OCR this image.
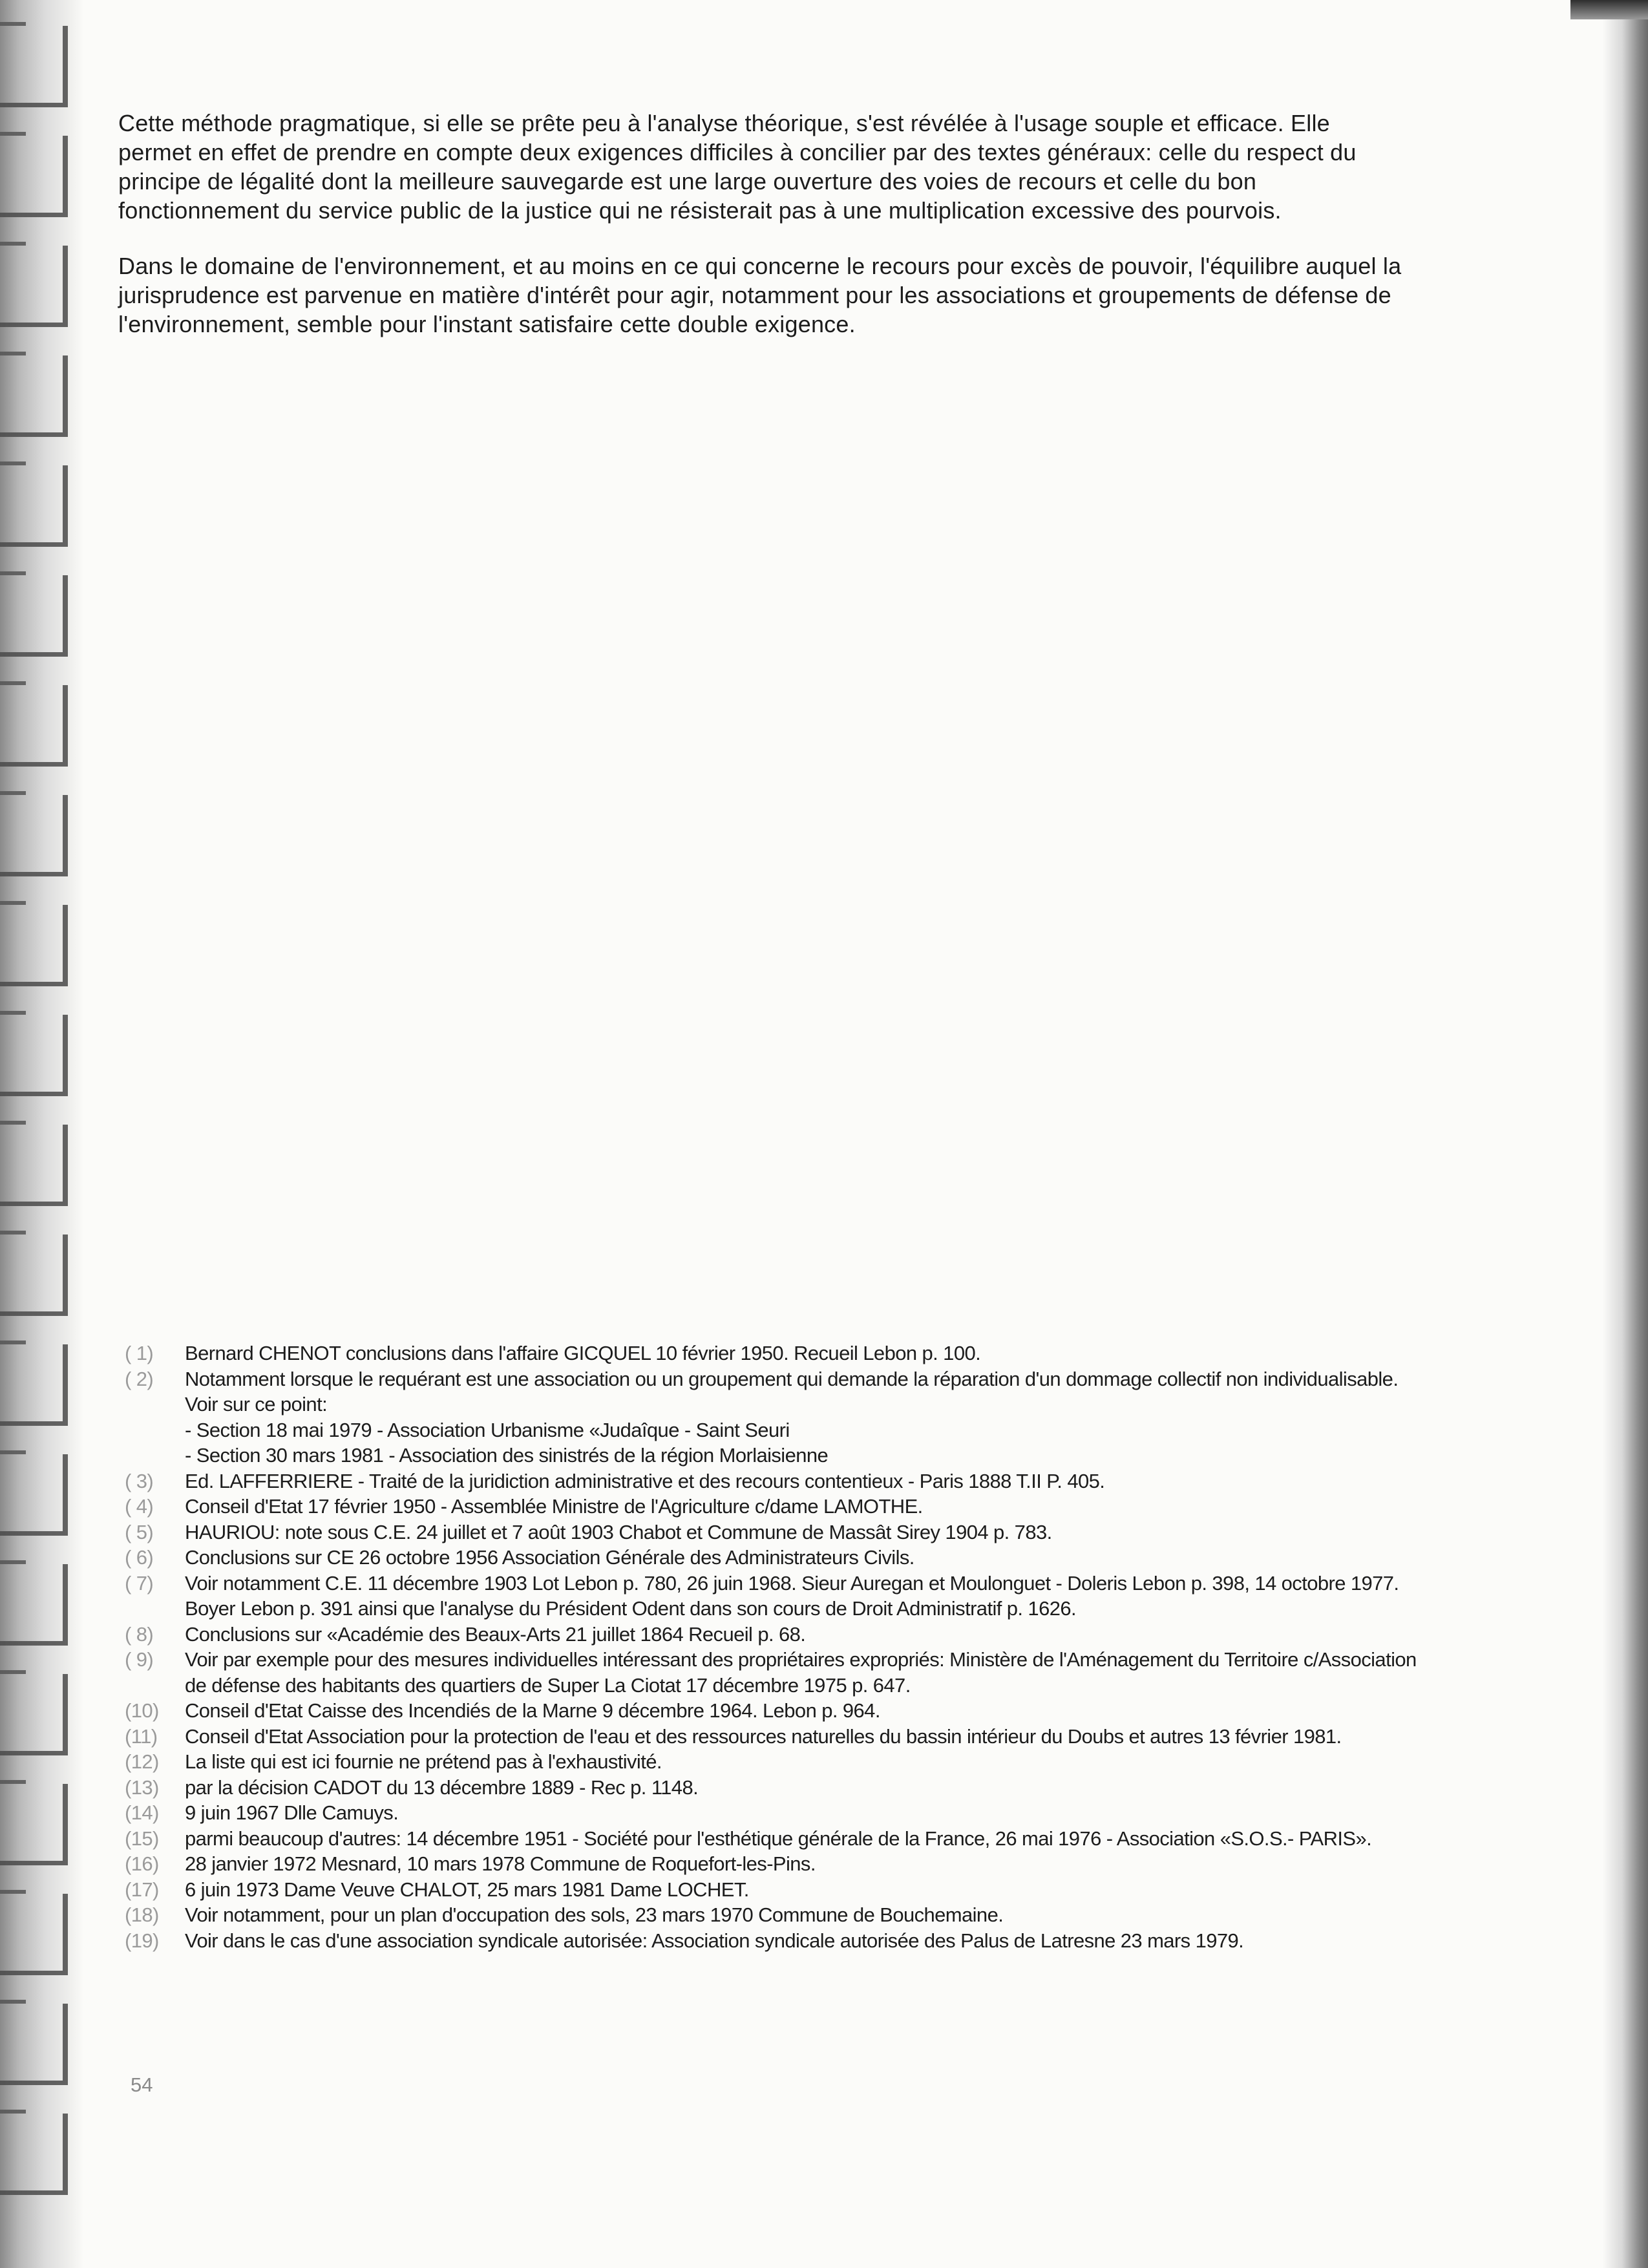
Cette méthode pragmatique, si elle se prête peu à l'analyse théorique, s'est révélée à l'usage souple et efficace. Elle permet en effet de prendre en compte deux exigences difficiles à concilier par des textes généraux: celle du respect du principe de légalité dont la meilleure sauvegarde est une large ouverture des voies de recours et celle du bon fonctionnement du service public de la justice qui ne résisterait pas à une multiplication excessive des pourvois.

Dans le domaine de l'environnement, et au moins en ce qui concerne le recours pour excès de pouvoir, l'équilibre auquel la jurisprudence est parvenue en matière d'intérêt pour agir, notamment pour les associations et groupements de défense de l'environnement, semble pour l'instant satisfaire cette double exigence.

( 1)	Bernard CHENOT conclusions dans l'affaire GICQUEL 10 février 1950. Recueil Lebon p. 100.
( 2)	Notamment lorsque le requérant est une association ou un groupement qui demande la réparation d'un dommage collectif non individualisable. Voir sur ce point:
- Section 18 mai 1979 - Association Urbanisme «Judaîque - Saint Seuri
- Section 30 mars 1981 - Association des sinistrés de la région Morlaisienne
( 3)	Ed. LAFFERRIERE - Traité de la juridiction administrative et des recours contentieux - Paris 1888 T.II P. 405.
( 4)	Conseil d'Etat 17 février 1950 - Assemblée Ministre de l'Agriculture c/dame LAMOTHE.
( 5)	HAURIOU: note sous C.E. 24 juillet et 7 août 1903 Chabot et Commune de Massât Sirey 1904 p. 783.
( 6)	Conclusions sur CE 26 octobre 1956 Association Générale des Administrateurs Civils.
( 7)	Voir notamment C.E. 11 décembre 1903 Lot Lebon p. 780, 26 juin 1968. Sieur Auregan et Moulonguet - Doleris Lebon p. 398, 14 octobre 1977. Boyer Lebon p. 391 ainsi que l'analyse du Président Odent dans son cours de Droit Administratif p. 1626.
( 8)	Conclusions sur «Académie des Beaux-Arts 21 juillet 1864 Recueil p. 68.
( 9)	Voir par exemple pour des mesures individuelles intéressant des propriétaires expropriés: Ministère de l'Aménagement du Territoire c/Association de défense des habitants des quartiers de Super La Ciotat 17 décembre 1975 p. 647.
(10)	Conseil d'Etat Caisse des Incendiés de la Marne 9 décembre 1964. Lebon p. 964.
(11)	Conseil d'Etat Association pour la protection de l'eau et des ressources naturelles du bassin intérieur du Doubs et autres 13 février 1981.
(12)	La liste qui est ici fournie ne prétend pas à l'exhaustivité.
(13)	par la décision CADOT du 13 décembre 1889 - Rec p. 1148.
(14)	9 juin 1967 Dlle Camuys.
(15)	parmi beaucoup d'autres: 14 décembre 1951 - Société pour l'esthétique générale de la France, 26 mai 1976 - Association «S.O.S.- PARIS».
(16)	28 janvier 1972 Mesnard, 10 mars 1978 Commune de Roquefort-les-Pins.
(17)	6 juin 1973 Dame Veuve CHALOT, 25 mars 1981 Dame LOCHET.
(18)	Voir notamment, pour un plan d'occupation des sols, 23 mars 1970 Commune de Bouchemaine.
(19)	Voir dans le cas d'une association syndicale autorisée: Association syndicale autorisée des Palus de Latresne 23 mars 1979.
54
